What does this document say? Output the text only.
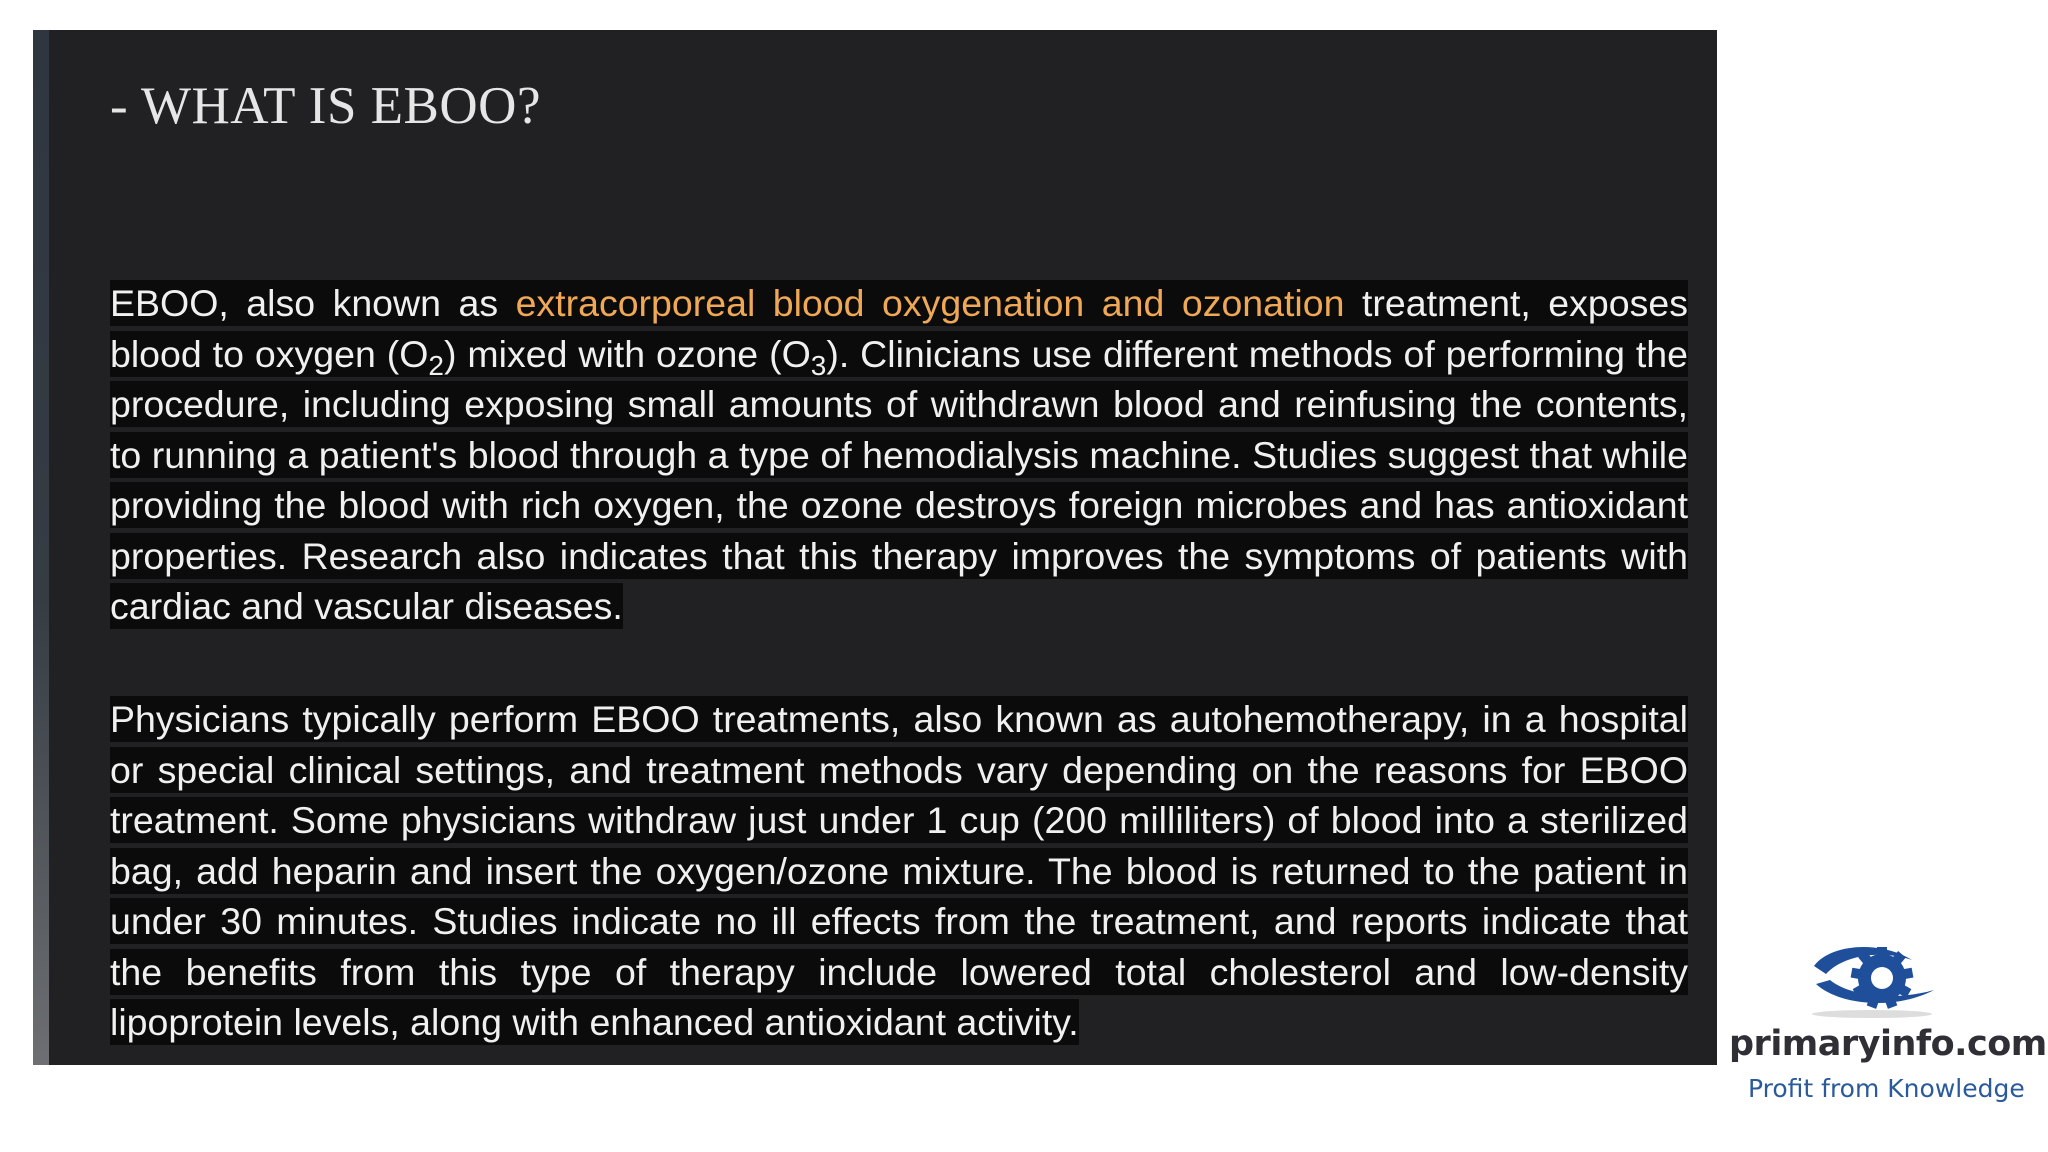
- WHAT IS EBOO?

EBOO, also known as extracorporeal blood oxygenation and ozonation treatment, exposes blood to oxygen $(O_2)$ mixed with ozone $(O_3)$. Clinicians use different methods of performing the procedure, including exposing small amounts of withdrawn blood and reinfusing the contents, to running a patient's blood through a type of hemodialysis machine. Studies suggest that while providing the blood with rich oxygen, the ozone destroys foreign microbes and has antioxidant properties. Research also indicates that this therapy improves the symptoms of patients with cardiac and vascular diseases.

Physicians typically perform EBOO treatments, also known as autohemotherapy, in a hospital or special clinical settings, and treatment methods vary depending on the reasons for EBOO treatment. Some physicians withdraw just under 1 cup (200 milliliters) of blood into a sterilized bag, add heparin and insert the oxygen/ozone mixture. The blood is returned to the patient in under 30 minutes. Studies indicate no ill effects from the treatment, and reports indicate that the benefits from this type of therapy include lowered total cholesterol and low-density lipoprotein levels, along with enhanced antioxidant activity.

primaryinfo.com
Profit from Knowledge
